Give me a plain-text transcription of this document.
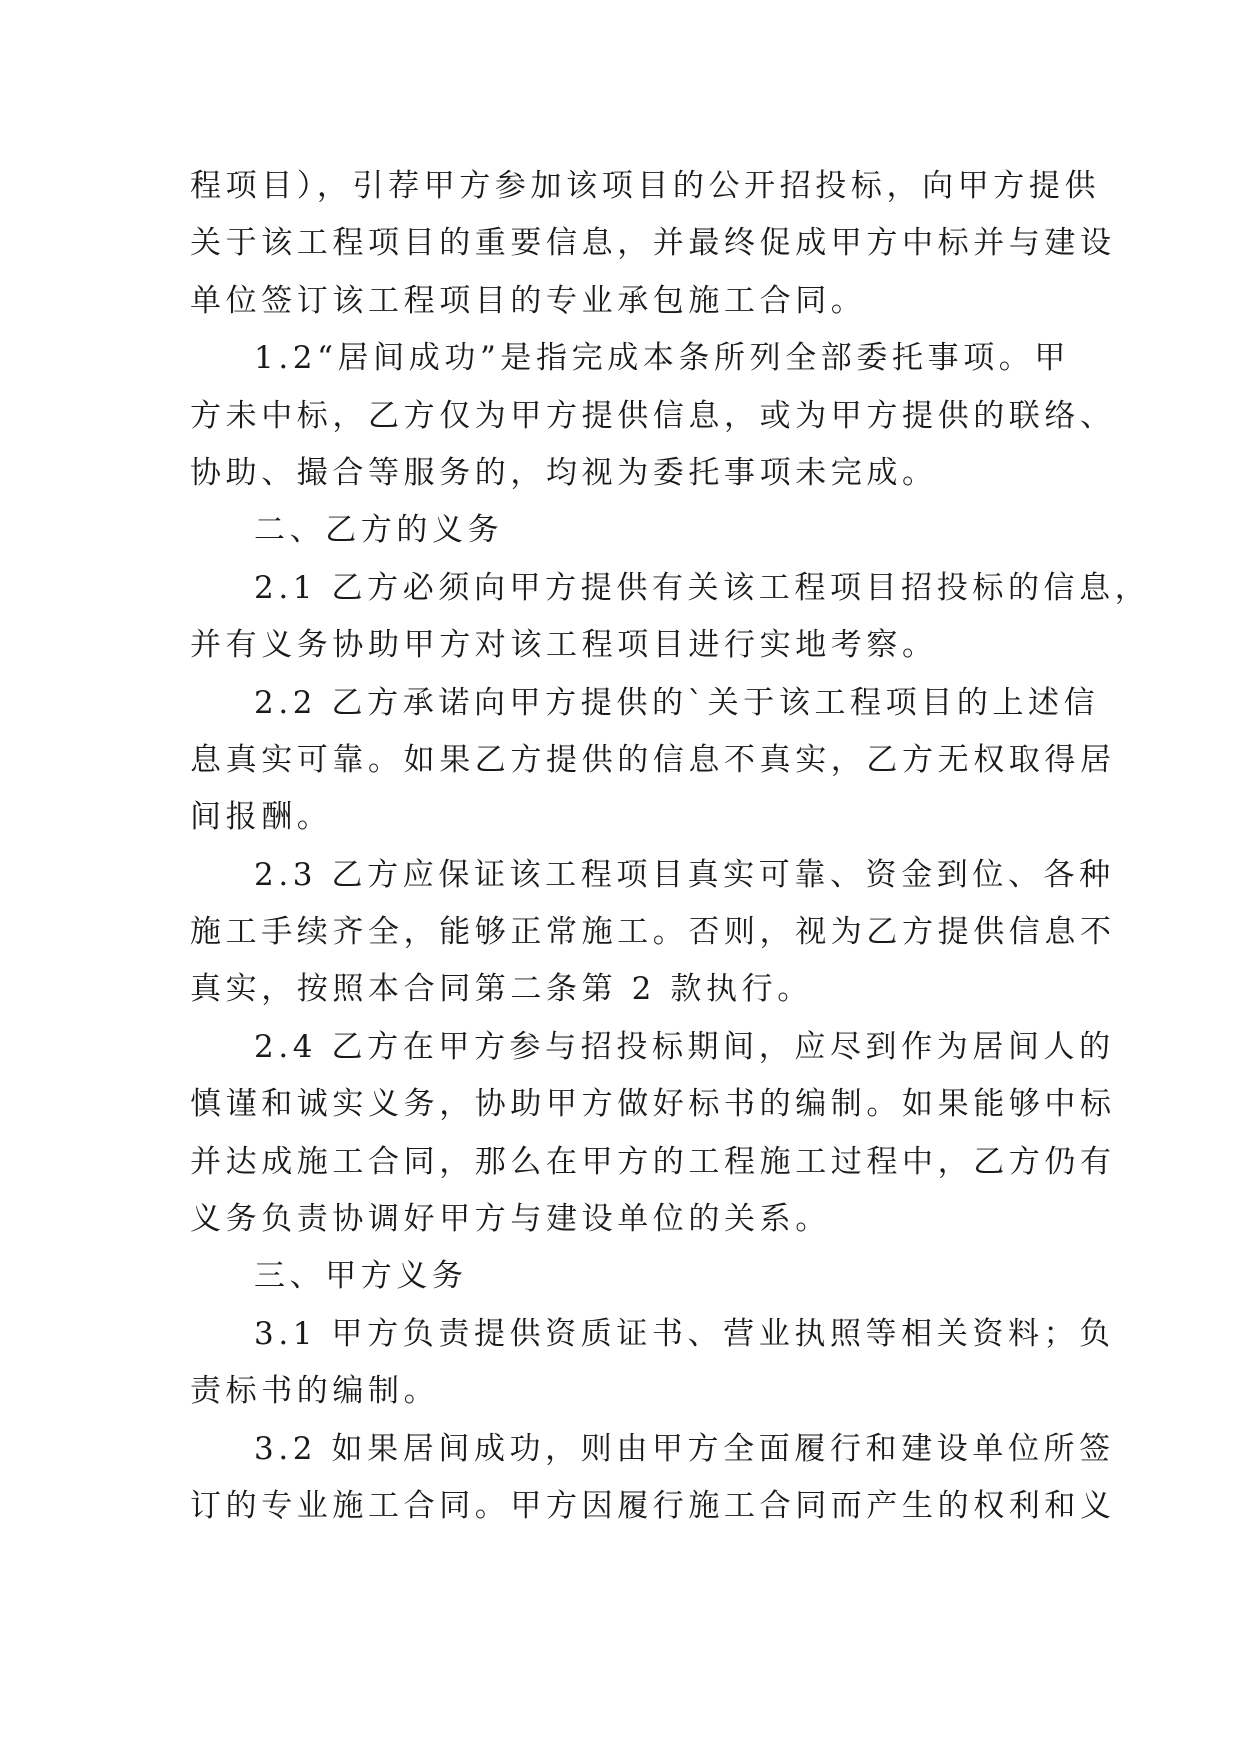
程项目），引荐甲方参加该项目的公开招投标，向甲方提供
关于该工程项目的重要信息，并最终促成甲方中标并与建设
单位签订该工程项目的专业承包施工合同。
1.2“居间成功”是指完成本条所列全部委托事项。甲
方未中标，乙方仅为甲方提供信息，或为甲方提供的联络、
协助、撮合等服务的，均视为委托事项未完成。
二、乙方的义务
2.1 乙方必须向甲方提供有关该工程项目招投标的信息，
并有义务协助甲方对该工程项目进行实地考察。
2.2 乙方承诺向甲方提供的`关于该工程项目的上述信
息真实可靠。如果乙方提供的信息不真实，乙方无权取得居
间报酬。
2.3 乙方应保证该工程项目真实可靠、资金到位、各种
施工手续齐全，能够正常施工。否则，视为乙方提供信息不
真实，按照本合同第二条第 2 款执行。
2.4 乙方在甲方参与招投标期间，应尽到作为居间人的
慎谨和诚实义务，协助甲方做好标书的编制。如果能够中标
并达成施工合同，那么在甲方的工程施工过程中，乙方仍有
义务负责协调好甲方与建设单位的关系。
三、甲方义务
3.1 甲方负责提供资质证书、营业执照等相关资料；负
责标书的编制。
3.2 如果居间成功，则由甲方全面履行和建设单位所签
订的专业施工合同。甲方因履行施工合同而产生的权利和义
